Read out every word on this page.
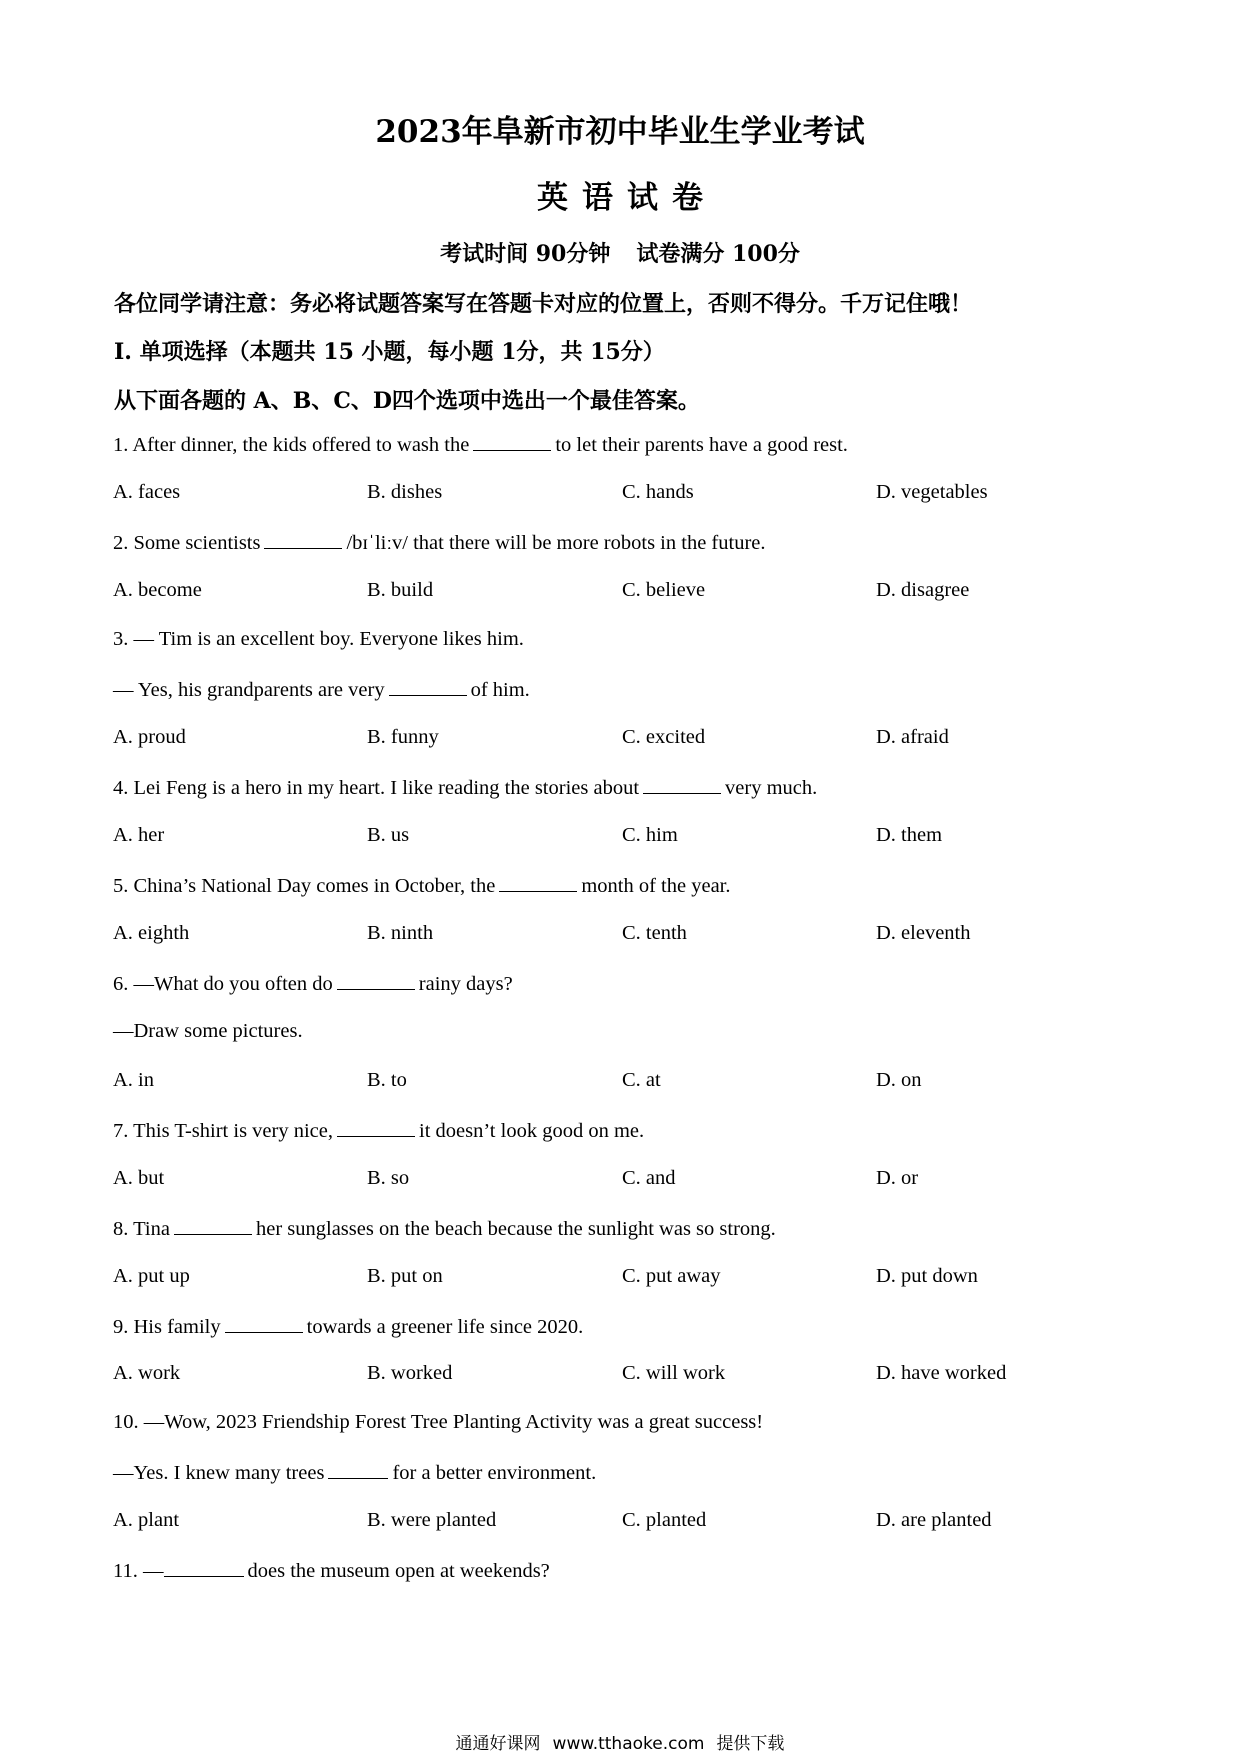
2023年阜新市初中毕业生学业考试
英语试卷
考试时间 90分钟 试卷满分 100分
各位同学请注意：务必将试题答案写在答题卡对应的位置上，否则不得分。千万记住哦！
I. 单项选择（本题共 15 小题，每小题 1分，共 15分）
从下面各题的 A、B、C、D四个选项中选出一个最佳答案。
1. After dinner, the kids offered to wash the	to let their parents have a good rest.
A. faces	B. dishes	C. hands	D. vegetables
2. Some scientists	/bɪˈliːv/ that there will be more robots in the future.
A. become	B. build	C. believe	D. disagree
3. — Tim is an excellent boy. Everyone likes him.
— Yes, his grandparents are very	of him.
A. proud	B. funny	C. excited	D. afraid
4. Lei Feng is a hero in my heart. I like reading the stories about	very much.
A. her	B. us	C. him	D. them
5. China’s National Day comes in October, the	month of the year.
A. eighth	B. ninth	C. tenth	D. eleventh
6. —What do you often do	rainy days?
—Draw some pictures.
A. in	B. to	C. at	D. on
7. This T-shirt is very nice,	it doesn’t look good on me.
A. but	B. so	C. and	D. or
8. Tina	her sunglasses on the beach because the sunlight was so strong.
A. put up	B. put on	C. put away	D. put down
9. His family	towards a greener life since 2020.
A. work	B. worked	C. will work	D. have worked
10. —Wow, 2023 Friendship Forest Tree Planting Activity was a great success!
—Yes. I knew many trees	for a better environment.
A. plant	B. were planted	C. planted	D. are planted
11. —	does the museum open at weekends?
通通好课网 www.tthaoke.com 提供下载
